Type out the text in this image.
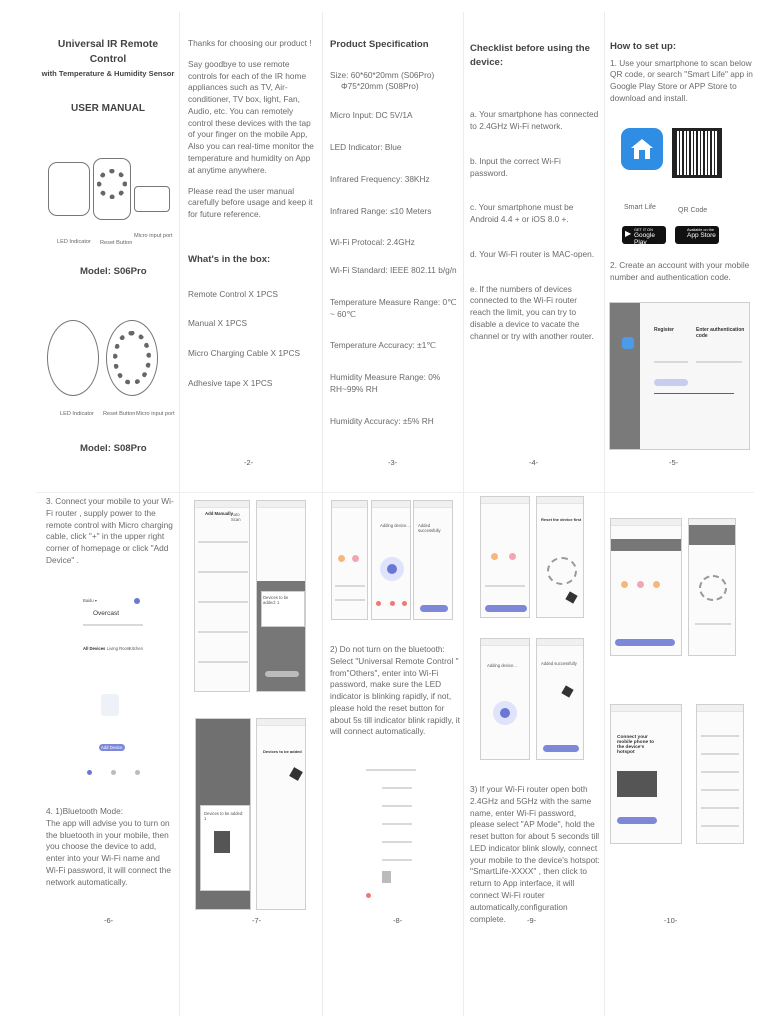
Universal IR Remote Control
with Temperature & Humidity Sensor
USER MANUAL
LED Indicator Reset Button
Micro input port
Model: S06Pro
LED Indicator Reset Button Micro input port
Model: S08Pro

Thanks for choosing our product !

Say goodbye to use remote controls for each of the IR home appliances such as TV, Air-conditioner, TV box, light, Fan, Audio, etc. You can remotely control these devices with the tap of your finger on the mobile App, Also you can real-time monitor the temperature and humidity on App at anytime anywhere.

Please read the user manual carefully before usage and keep it for future reference.

What's in the box:

Remote Control X 1PCS

Manual X 1PCS

Micro Charging Cable X 1PCS

Adhesive tape X 1PCS

-2-
Product Specification

Size: 60*60*20mm (S06Pro)

Φ75*20mm (S08Pro)

Micro Input: DC 5V/1A

LED Indicator: Blue

Infrared Frequency: 38KHz

Infrared Range: ≤10 Meters

Wi-Fi Protocal: 2.4GHz

Wi-Fi Standard: IEEE 802.11 b/g/n

Temperature Measure Range: 0℃ ~ 60℃

Temperature Accuracy: ±1℃

Humidity Measure Range: 0% RH~99% RH

Humidity Accuracy: ±5% RH

-3-
Checklist before using the device:

a. Your smartphone has connected to 2.4GHz Wi-Fi network.

b. Input the correct Wi-Fi password.

c. Your smartphone must be Android 4.4 + or iOS 8.0 +.

d. Your Wi-Fi router is MAC-open.

e. If the numbers of devices connected to the Wi-Fi router reach the limit, you can try to disable a device to vacate the channel or try with another router.

-4-
How to set up:

1. Use your smartphone to scan below QR code, or search "Smart Life" app in Google Play Store or APP Store to download and install.

Smart Life	QR Code
▶ GET IT ON
Google Play
Available on the
App Store

2. Create an account with your mobile number and authentication code.

Register	Enter authentication code
-5-

3. Connect your mobile to your Wi-Fi router , supply power to the remote control with Micro charging cable, click "+" in the upper right corner of homepage or click "Add Device" .

Baidu ▾
Overcast
All Devices Living Room
Kitchen
Add Device

4. 1)Bluetooth Mode:

The app will advise you to turn on the bluetooth in your mobile, then you choose the device to add, enter into your Wi-Fi name and Wi-Fi password, it will connect the network automatically.

-6-
Add Manually
Auto Scan
Devices to be added: 1
Devices to be added: 1
Devices to be added
-7-
Adding device... Added successfully

2) Do not turn on the bluetooth: Select "Universal Remote Control " from"Others", enter into Wi-Fi password, make sure the LED indicator is blinking rapidly, if not, please hold the reset button for about 5s till indicator blink rapidly, it will connect automatically.

-8-
Reset the device first
Adding device...	Added successfully

3) If your Wi-Fi router open both 2.4GHz and 5GHz with the same name, enter Wi-Fi password, please select "AP Mode", hold the reset button for about 5 seconds till LED indicator blink slowly, connect your mobile to the device's hotspot: "SmartLife-XXXX" , then click to return to App interface, it will connect Wi-Fi router automatically,configuration complete.	-9-
Connect your mobile phone to the device's hotspot
-10-
